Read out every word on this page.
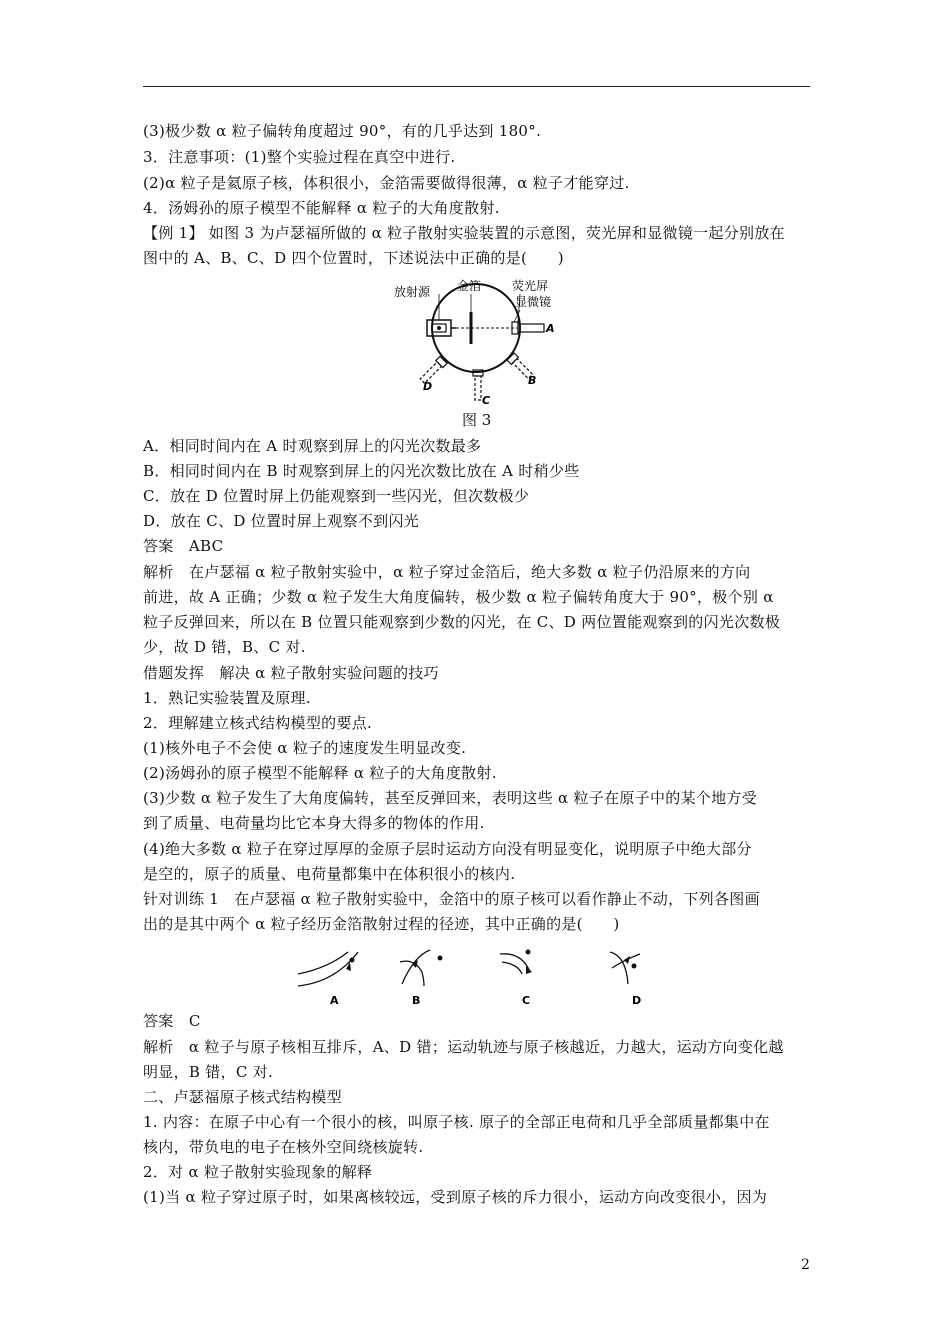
(3)极少数 α 粒子偏转角度超过 90°，有的几乎达到 180°.
3．注意事项：(1)整个实验过程在真空中进行.
(2)α 粒子是氦原子核，体积很小，金箔需要做得很薄，α 粒子才能穿过.
4．汤姆孙的原子模型不能解释 α 粒子的大角度散射.
【例 1】 如图 3 为卢瑟福所做的 α 粒子散射实验装置的示意图，荧光屏和显微镜一起分别放在
图中的 A、B、C、D 四个位置时，下述说法中正确的是(　　)
放射源 金箔	荧光屏
显微镜
A
B
C
D
图 3
A．相同时间内在 A 时观察到屏上的闪光次数最多
B．相同时间内在 B 时观察到屏上的闪光次数比放在 A 时稍少些
C．放在 D 位置时屏上仍能观察到一些闪光，但次数极少
D．放在 C、D 位置时屏上观察不到闪光
答案　ABC
解析　在卢瑟福 α 粒子散射实验中，α 粒子穿过金箔后，绝大多数 α 粒子仍沿原来的方向
前进，故 A 正确；少数 α 粒子发生大角度偏转，极少数 α 粒子偏转角度大于 90°，极个别 α
粒子反弹回来，所以在 B 位置只能观察到少数的闪光，在 C、D 两位置能观察到的闪光次数极
少，故 D 错，B、C 对.
借题发挥　解决 α 粒子散射实验问题的技巧
1．熟记实验装置及原理.
2．理解建立核式结构模型的要点.
(1)核外电子不会使 α 粒子的速度发生明显改变.
(2)汤姆孙的原子模型不能解释 α 粒子的大角度散射.
(3)少数 α 粒子发生了大角度偏转，甚至反弹回来，表明这些 α 粒子在原子中的某个地方受
到了质量、电荷量均比它本身大得多的物体的作用.
(4)绝大多数 α 粒子在穿过厚厚的金原子层时运动方向没有明显变化，说明原子中绝大部分
是空的，原子的质量、电荷量都集中在体积很小的核内.
针对训练 1　在卢瑟福 α 粒子散射实验中，金箔中的原子核可以看作静止不动，下列各图画
出的是其中两个 α 粒子经历金箔散射过程的径迹，其中正确的是(　　)
A	B	C	D
答案　C
解析　α 粒子与原子核相互排斥，A、D 错；运动轨迹与原子核越近，力越大，运动方向变化越
明显，B 错，C 对.
二、卢瑟福原子核式结构模型
1. 内容：在原子中心有一个很小的核，叫原子核. 原子的全部正电荷和几乎全部质量都集中在
核内，带负电的电子在核外空间绕核旋转.
2．对 α 粒子散射实验现象的解释
(1)当 α 粒子穿过原子时，如果离核较远，受到原子核的斥力很小，运动方向改变很小，因为
2
